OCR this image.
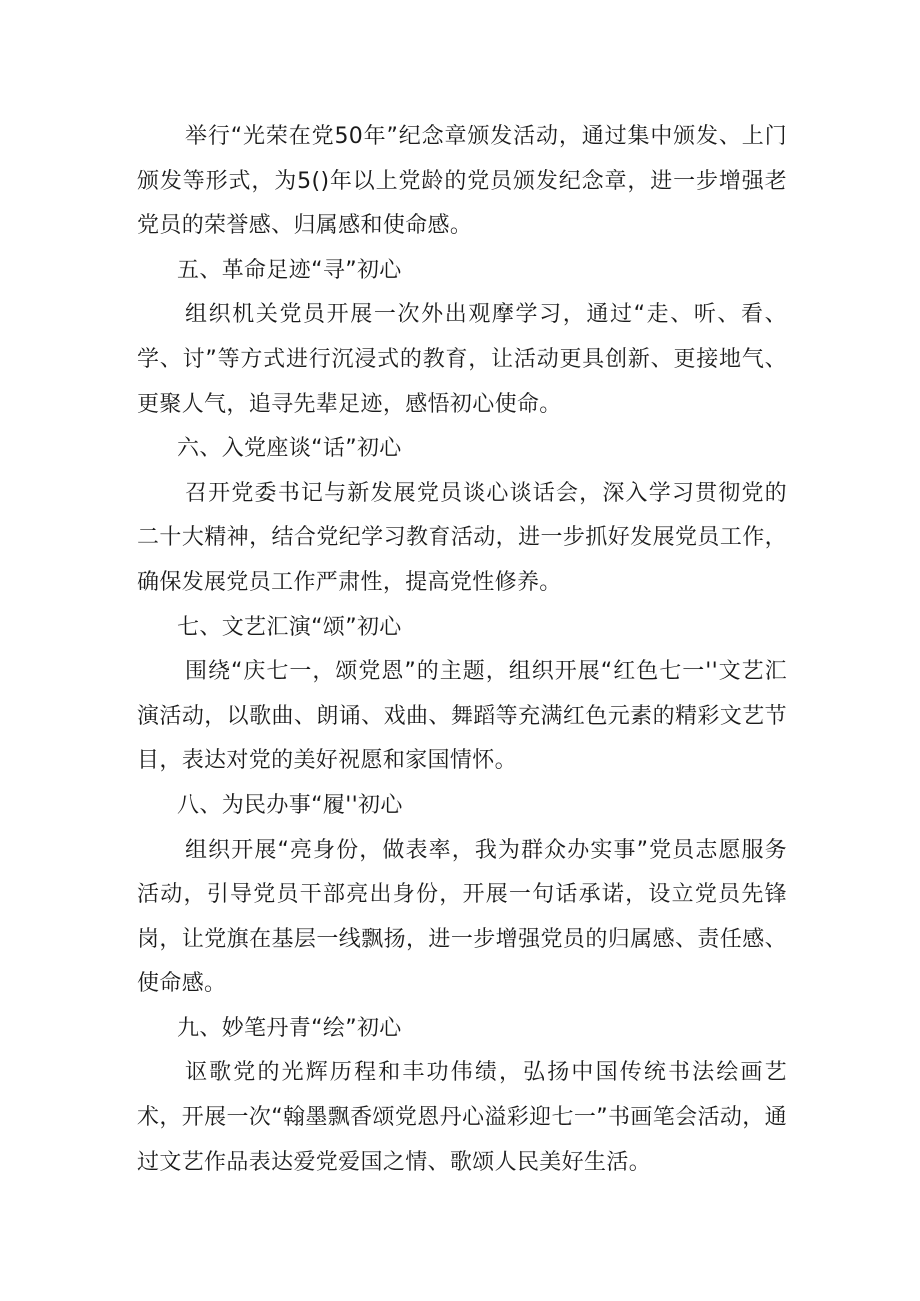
举行“光荣在党50年”纪念章颁发活动，通过集中颁发、上门颁发等形式，为5()年以上党龄的党员颁发纪念章，进一步增强老党员的荣誉感、归属感和使命感。

五、革命足迹“寻”初心

组织机关党员开展一次外出观摩学习，通过“走、听、看、学、讨”等方式进行沉浸式的教育，让活动更具创新、更接地气、更聚人气，追寻先辈足迹，感悟初心使命。

六、入党座谈“话”初心

召开党委书记与新发展党员谈心谈话会，深入学习贯彻党的二十大精神，结合党纪学习教育活动，进一步抓好发展党员工作，确保发展党员工作严肃性，提高党性修养。

七、文艺汇演“颂”初心

围绕“庆七一，颂党恩”的主题，组织开展“红色七一''文艺汇演活动，以歌曲、朗诵、戏曲、舞蹈等充满红色元素的精彩文艺节目，表达对党的美好祝愿和家国情怀。

八、为民办事“履''初心

组织开展“亮身份，做表率，我为群众办实事”党员志愿服务活动，引导党员干部亮出身份，开展一句话承诺，设立党员先锋岗，让党旗在基层一线飘扬，进一步增强党员的归属感、责任感、使命感。

九、妙笔丹青“绘”初心

讴歌党的光辉历程和丰功伟绩，弘扬中国传统书法绘画艺术，开展一次“翰墨飘香颂党恩丹心溢彩迎七一”书画笔会活动，通过文艺作品表达爱党爱国之情、歌颂人民美好生活。
